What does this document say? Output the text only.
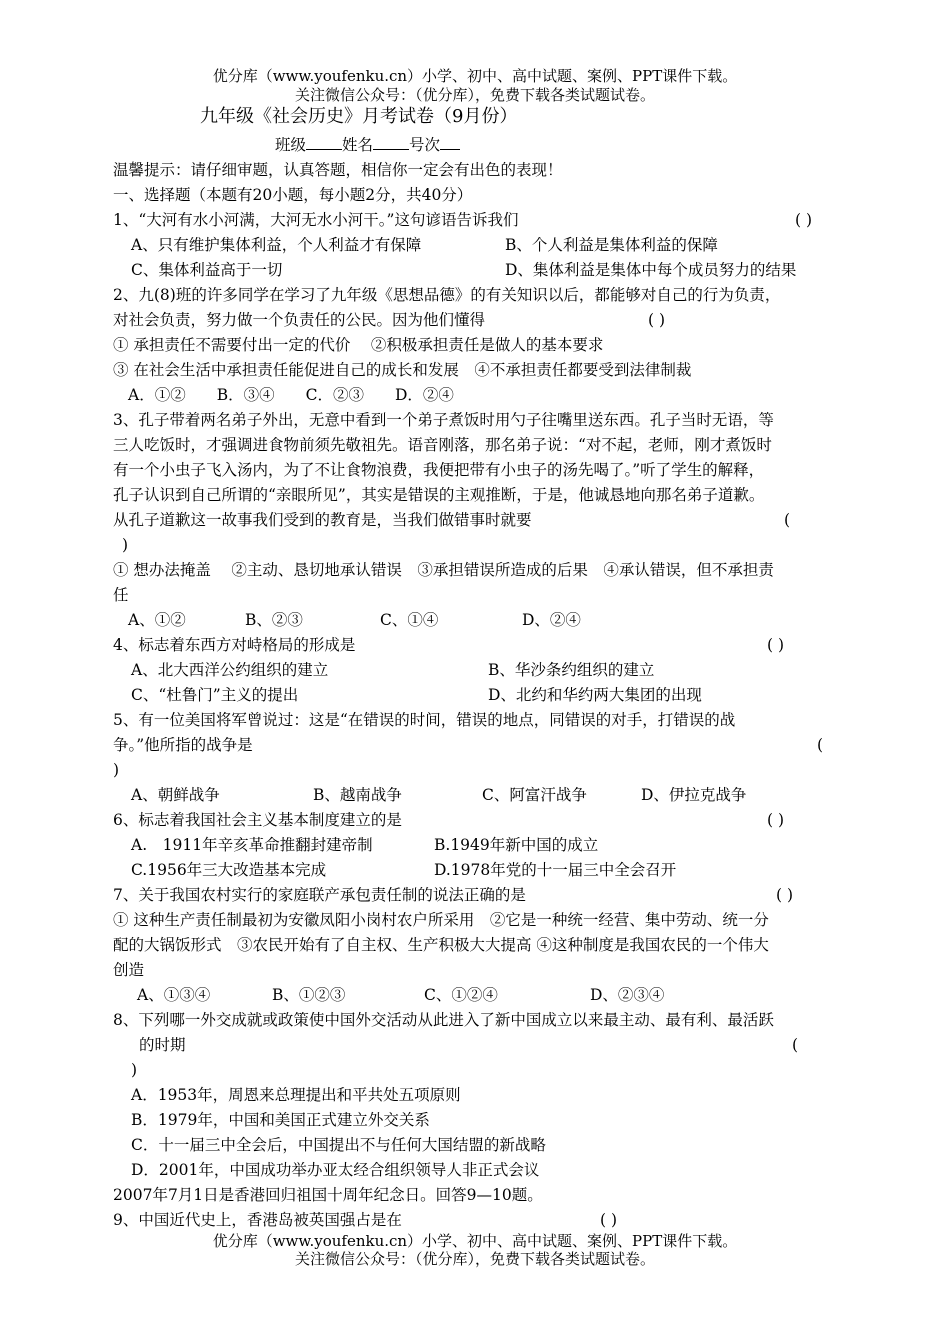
优分库（www.youfenku.cn）小学、初中、高中试题、案例、PPT课件下载。
关注微信公众号：（优分库），免费下载各类试题试卷。
九年级《社会历史》月考试卷（9月份）
班级 姓名 号次
温馨提示：请仔细审题，认真答题，相信你一定会有出色的表现！
一、选择题（本题有20小题，每小题2分，共40分）
1、“大河有水小河满，大河无水小河干。”这句谚语告诉我们	( )
A、只有维护集体利益，个人利益才有保障	B、个人利益是集体利益的保障
C、集体利益高于一切	D、集体利益是集体中每个成员努力的结果
2、九(8)班的许多同学在学习了九年级《思想品德》的有关知识以后，都能够对自己的行为负责，
对社会负责，努力做一个负责任的公民。因为他们懂得	( )
① 承担责任不需要付出一定的代价　 ②积极承担责任是做人的基本要求
③ 在社会生活中承担责任能促进自己的成长和发展　④不承担责任都要受到法律制裁
A．①②　　B．③④　　C．②③　　D．②④
3、孔子带着两名弟子外出，无意中看到一个弟子煮饭时用勺子往嘴里送东西。孔子当时无语，等
三人吃饭时，才强调进食物前须先敬祖先。语音刚落，那名弟子说：“对不起，老师，刚才煮饭时
有一个小虫子飞入汤内，为了不让食物浪费，我便把带有小虫子的汤先喝了。”听了学生的解释，
孔子认识到自己所谓的“亲眼所见”，其实是错误的主观推断，于是，他诚恳地向那名弟子道歉。
从孔子道歉这一故事我们受到的教育是，当我们做错事时就要	(
)
① 想办法掩盖　 ②主动、恳切地承认错误　③承担错误所造成的后果　④承认错误，但不承担责
任
A、①②	B、②③	C、①④	D、②④
4、标志着东西方对峙格局的形成是	( )
A、北大西洋公约组织的建立	B、华沙条约组织的建立
C、“杜鲁门”主义的提出	D、北约和华约两大集团的出现
5、有一位美国将军曾说过：这是“在错误的时间，错误的地点，同错误的对手，打错误的战
争。”他所指的战争是	(
)
A、朝鲜战争	B、越南战争	C、阿富汗战争	D、伊拉克战争
6、标志着我国社会主义基本制度建立的是	( )
A.　1911年辛亥革命推翻封建帝制	B.1949年新中国的成立
C.1956年三大改造基本完成	D.1978年党的十一届三中全会召开
7、关于我国农村实行的家庭联产承包责任制的说法正确的是	( )
① 这种生产责任制最初为安徽凤阳小岗村农户所采用　②它是一种统一经营、集中劳动、统一分
配的大锅饭形式　③农民开始有了自主权、生产积极大大提高 ④这种制度是我国农民的一个伟大
创造
A、①③④	B、①②③	C、①②④	D、②③④
8、下列哪一外交成就或政策使中国外交活动从此进入了新中国成立以来最主动、最有利、最活跃
的时期	(
)
A．1953年，周恩来总理提出和平共处五项原则
B．1979年，中国和美国正式建立外交关系
C．十一届三中全会后，中国提出不与任何大国结盟的新战略
D．2001年，中国成功举办亚太经合组织领导人非正式会议
2007年7月1日是香港回归祖国十周年纪念日。回答9—10题。
9、中国近代史上，香港岛被英国强占是在	( )
优分库（www.youfenku.cn）小学、初中、高中试题、案例、PPT课件下载。
关注微信公众号：（优分库），免费下载各类试题试卷。
